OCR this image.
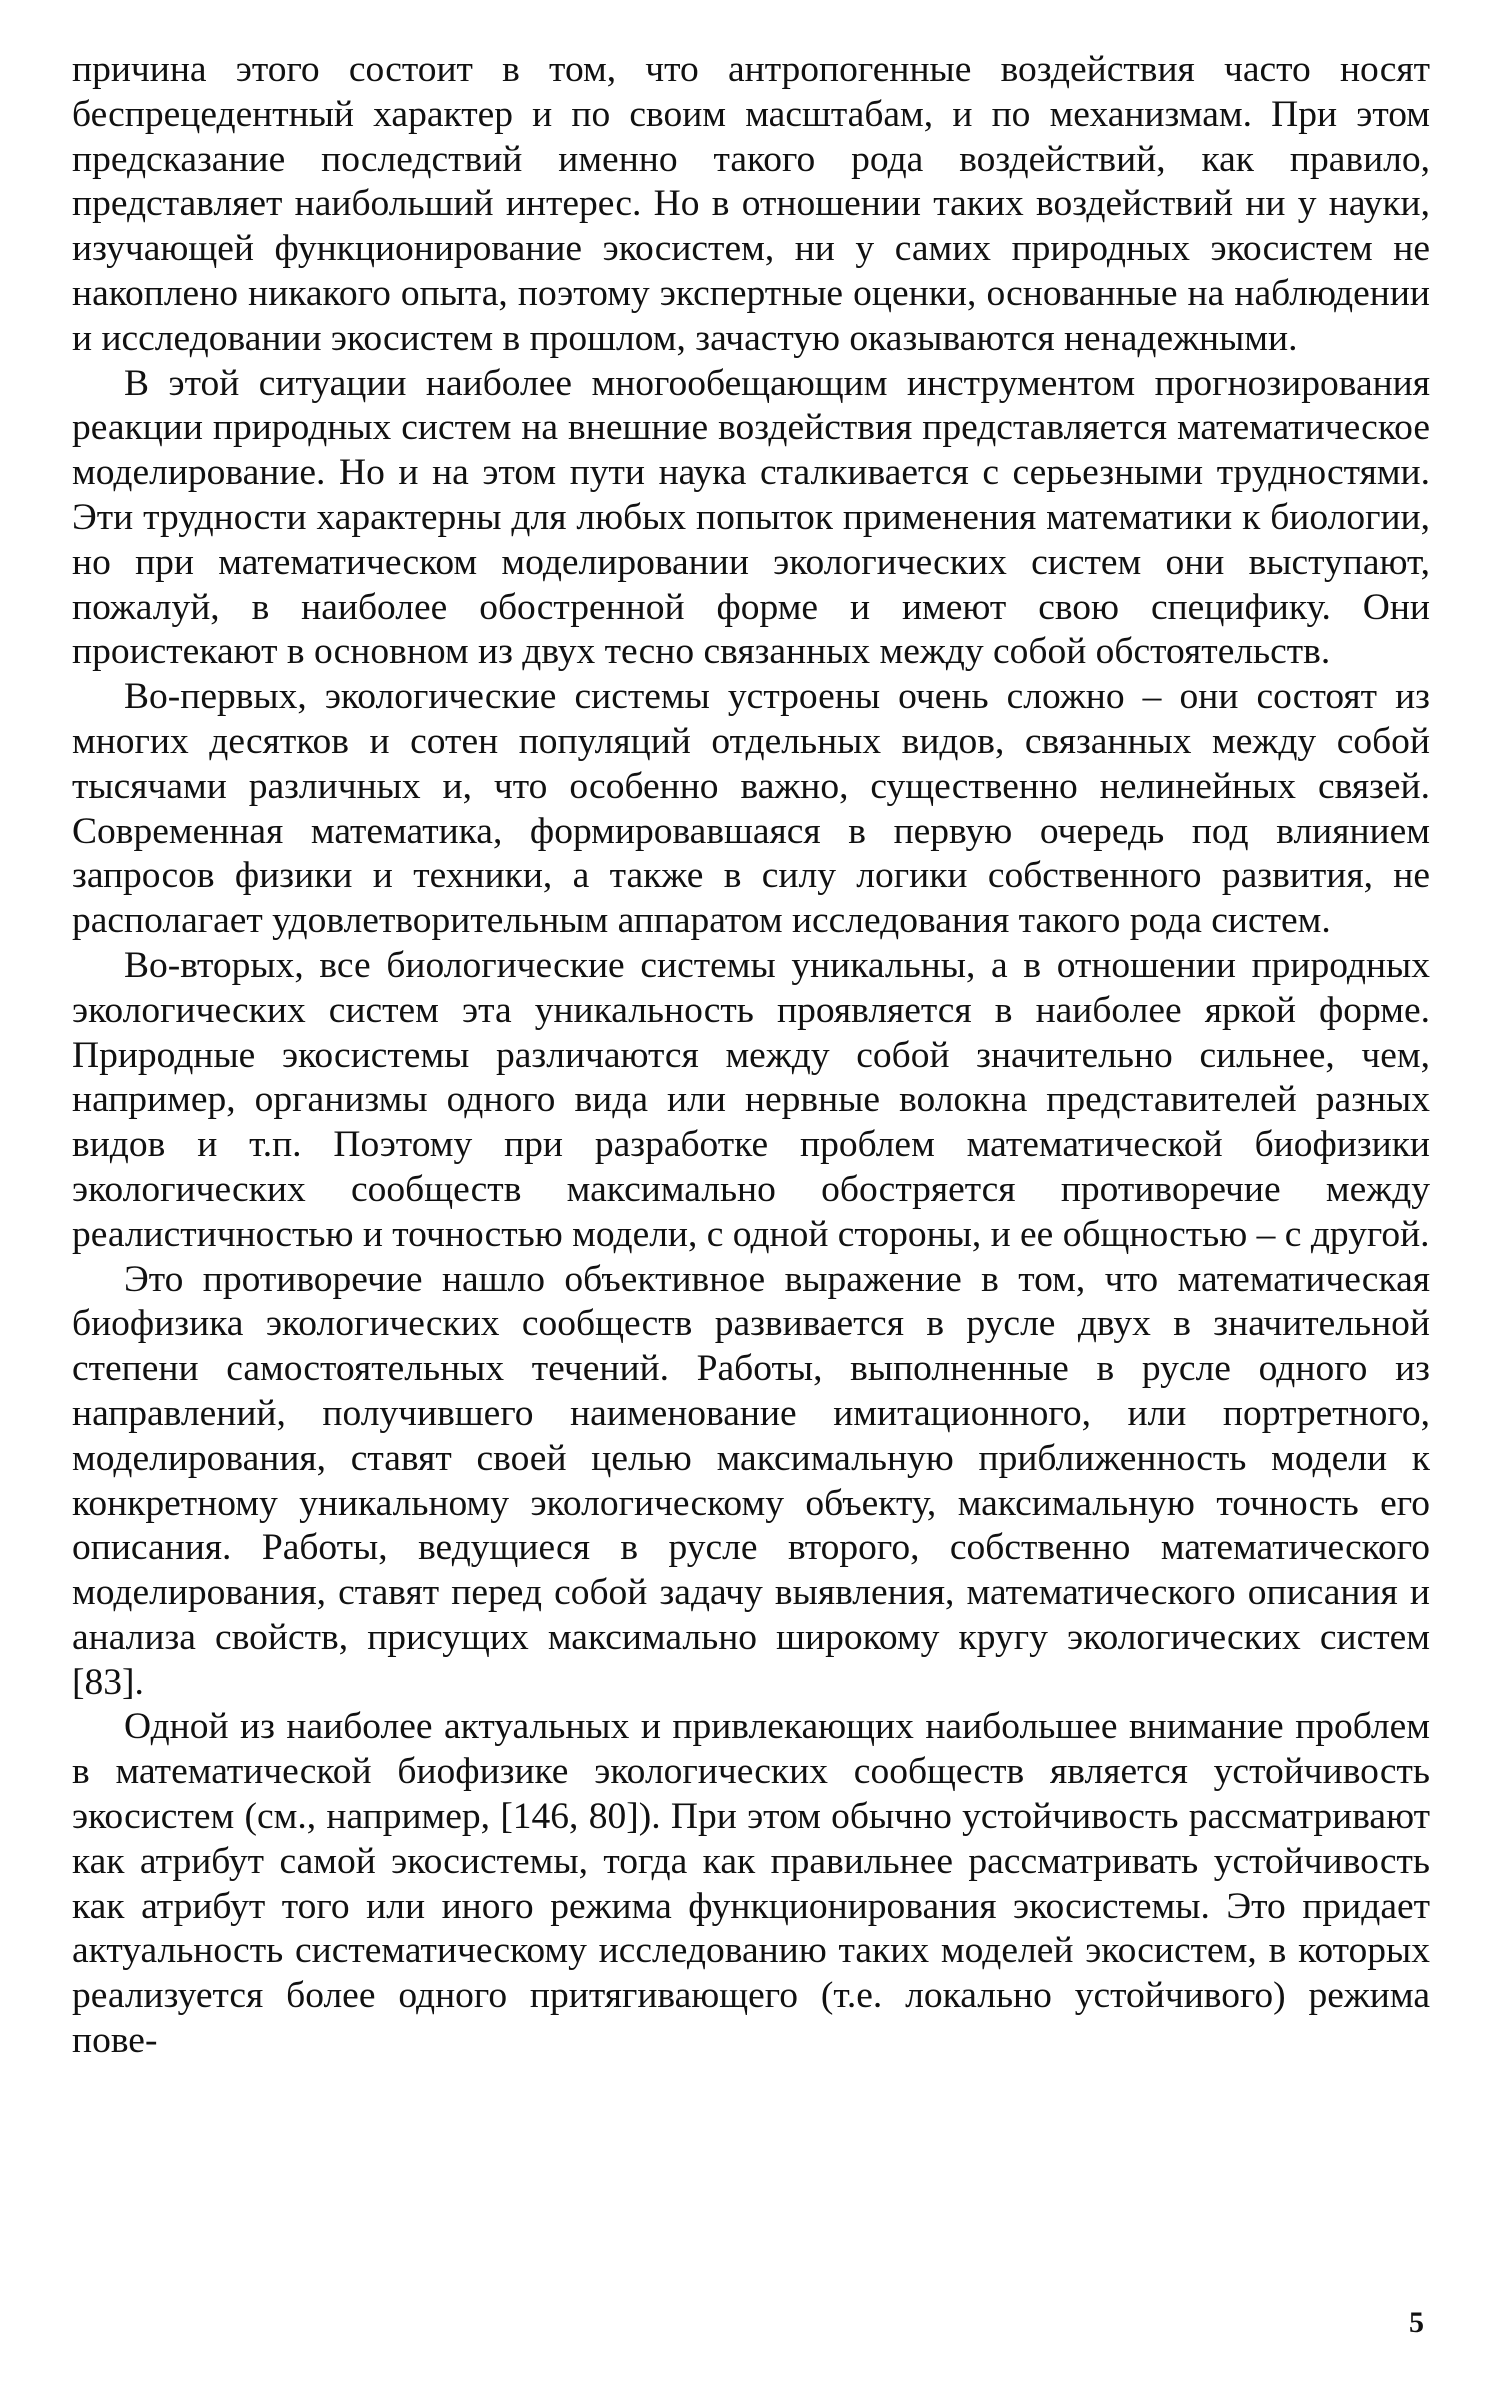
причина этого состоит в том, что антропогенные воздействия часто носят беспрецедентный характер и по своим масштабам, и по механизмам. При этом предсказание последствий именно такого рода воздействий, как правило, представляет наибольший интерес. Но в отношении таких воздействий ни у науки, изучающей функционирование экосистем, ни у самих природных экосистем не накоплено никакого опыта, поэтому экспертные оценки, основанные на наблюдении и исследовании экосистем в прошлом, зачастую оказываются ненадежными.

В этой ситуации наиболее многообещающим инструментом прогнозирования реакции природных систем на внешние воздействия представляется математическое моделирование. Но и на этом пути наука сталкивается с серьезными трудностями. Эти трудности характерны для любых попыток применения математики к биологии, но при математическом моделировании экологических систем они выступают, пожалуй, в наиболее обостренной форме и имеют свою специфику. Они проистекают в основном из двух тесно связанных между собой обстоятельств.

Во-первых, экологические системы устроены очень сложно – они состоят из многих десятков и сотен популяций отдельных видов, связанных между собой тысячами различных и, что особенно важно, существенно нелинейных связей. Современная математика, формировавшаяся в первую очередь под влиянием запросов физики и техники, а также в силу логики собственного развития, не располагает удовлетворительным аппаратом исследования такого рода систем.

Во-вторых, все биологические системы уникальны, а в отношении природных экологических систем эта уникальность проявляется в наиболее яркой форме. Природные экосистемы различаются между собой значительно сильнее, чем, например, организмы одного вида или нервные волокна представителей разных видов и т.п. Поэтому при разработке проблем математической биофизики экологических сообществ максимально обостряется противоречие между реалистичностью и точностью модели, с одной стороны, и ее общностью – с другой.

Это противоречие нашло объективное выражение в том, что математическая биофизика экологических сообществ развивается в русле двух в значительной степени самостоятельных течений. Работы, выполненные в русле одного из направлений, получившего наименование имитационного, или портретного, моделирования, ставят своей целью максимальную приближенность модели к конкретному уникальному экологическому объекту, максимальную точность его описания. Работы, ведущиеся в русле второго, собственно математического моделирования, ставят перед собой задачу выявления, математического описания и анализа свойств, присущих максимально широкому кругу экологических систем [83].

Одной из наиболее актуальных и привлекающих наибольшее внимание проблем в математической биофизике экологических сообществ является устойчивость экосистем (см., например, [146, 80]). При этом обычно устойчивость рассматривают как атрибут самой экосистемы, тогда как правильнее рассматривать устойчивость как атрибут того или иного режима функционирования экосистемы. Это придает актуальность систематическому исследованию таких моделей экосистем, в которых реализуется более одного притягивающего (т.е. локально устойчивого) режима пове-

5
